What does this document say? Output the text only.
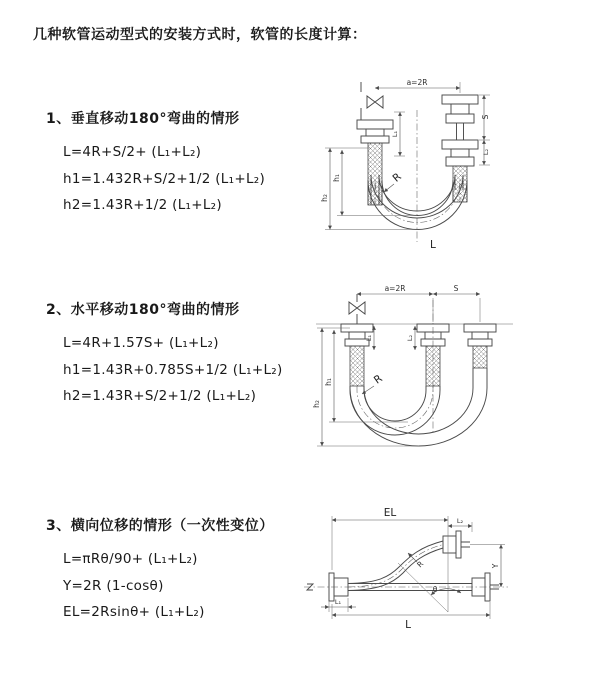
几种软管运动型式的安装方式时，软管的长度计算：
1、垂直移动180°弯曲的情形
L=4R+S/2+ (L₁+L₂)
h1=1.432R+S/2+1/2 (L₁+L₂)
h2=1.43R+1/2 (L₁+L₂)
2、水平移动180°弯曲的情形
L=4R+1.57S+ (L₁+L₂)
h1=1.43R+0.785S+1/2 (L₁+L₂)
h2=1.43R+S/2+1/2 (L₁+L₂)
3、横向位移的情形（一次性变位）
L=πRθ/90+ (L₁+L₂)
Y=2R (1-cosθ)
EL=2Rsinθ+ (L₁+L₂)
a=2R
S
L₂
L₁
h₁
h₂
R
L
a=2R	S
L₁	L₂
h₁
h₂
R
θ
EL
L₂
Y
R
L
L₁
